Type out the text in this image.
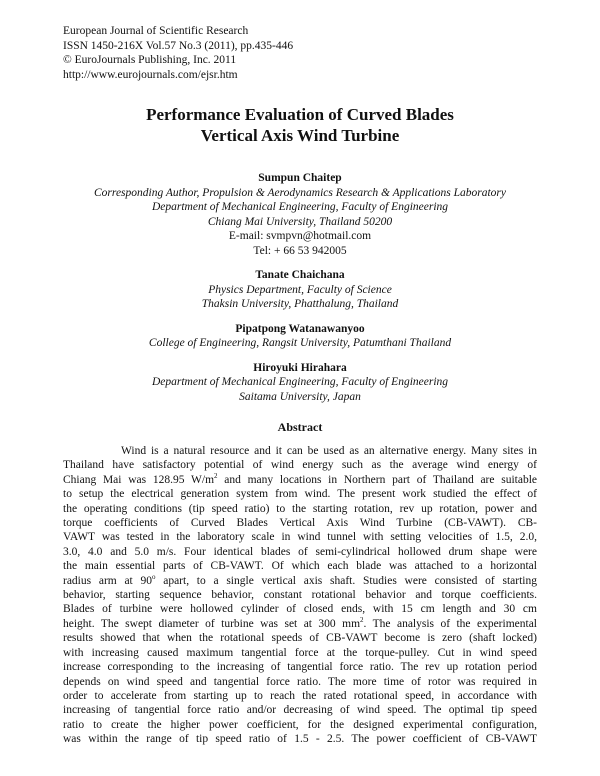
European Journal of Scientific Research
ISSN 1450-216X Vol.57 No.3 (2011), pp.435-446
© EuroJournals Publishing, Inc. 2011
http://www.eurojournals.com/ejsr.htm
Performance Evaluation of Curved Blades
Vertical Axis Wind Turbine
Sumpun Chaitep
Corresponding Author, Propulsion & Aerodynamics Research & Applications Laboratory
Department of Mechanical Engineering, Faculty of Engineering
Chiang Mai University, Thailand 50200
E-mail: svmpvn@hotmail.com
Tel: + 66 53 942005
Tanate Chaichana
Physics Department, Faculty of Science
Thaksin University, Phatthalung, Thailand
Pipatpong Watanawanyoo
College of Engineering, Rangsit University, Patumthani Thailand
Hiroyuki Hirahara
Department of Mechanical Engineering, Faculty of Engineering
Saitama University, Japan
Abstract
Wind is a natural resource and it can be used as an alternative energy. Many sites in
Thailand have satisfactory potential of wind energy such as the average wind energy of
Chiang Mai was 128.95 $W/m^2$ and many locations in Northern part of Thailand are suitable
to setup the electrical generation system from wind. The present work studied the effect of
the operating conditions (tip speed ratio) to the starting rotation, rev up rotation, power and
torque coefficients of Curved Blades Vertical Axis Wind Turbine (CB-VAWT). CB-
VAWT was tested in the laboratory scale in wind tunnel with setting velocities of 1.5, 2.0,
3.0, 4.0 and 5.0 m/s. Four identical blades of semi-cylindrical hollowed drum shape were
the main essential parts of CB-VAWT. Of which each blade was attached to a horizontal
radius arm at 90$^o$ apart, to a single vertical axis shaft. Studies were consisted of starting
behavior, starting sequence behavior, constant rotational behavior and torque coefficients.
Blades of turbine were hollowed cylinder of closed ends, with 15 cm length and 30 cm
height. The swept diameter of turbine was set at 300 $mm^2$. The analysis of the experimental
results showed that when the rotational speeds of CB-VAWT become is zero (shaft locked)
with increasing caused maximum tangential force at the torque-pulley. Cut in wind speed
increase corresponding to the increasing of tangential force ratio. The rev up rotation period
depends on wind speed and tangential force ratio. The more time of rotor was required in
order to accelerate from starting up to reach the rated rotational speed, in accordance with
increasing of tangential force ratio and/or decreasing of wind speed. The optimal tip speed
ratio to create the higher power coefficient, for the designed experimental configuration,
was within the range of tip speed ratio of 1.5 - 2.5. The power coefficient of CB-VAWT
